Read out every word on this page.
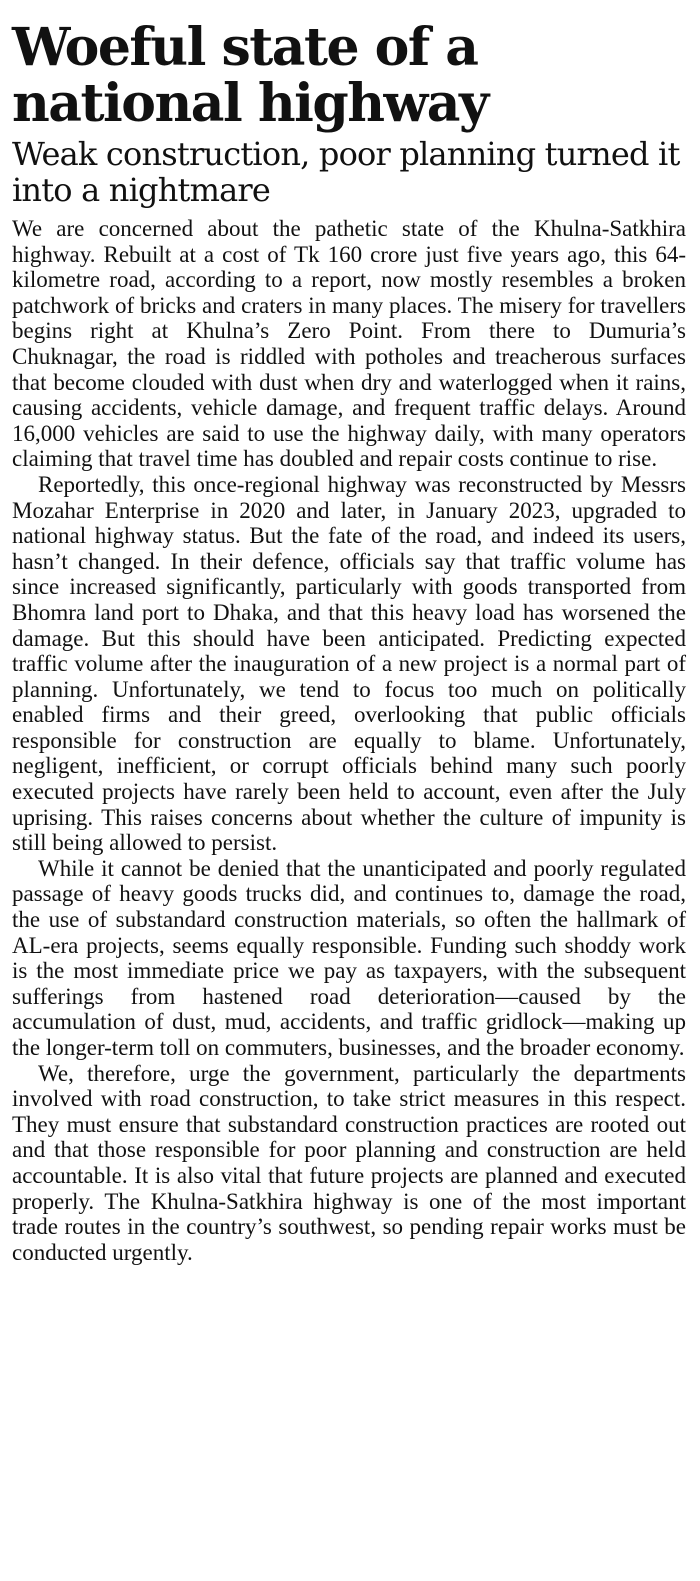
Woeful state of a national highway
Weak construction, poor planning turned it into a nightmare

We are concerned about the pathetic state of the Khulna-Satkhira highway. Rebuilt at a cost of Tk 160 crore just five years ago, this 64-kilometre road, according to a report, now mostly resembles a broken patchwork of bricks and craters in many places. The misery for travellers begins right at Khulna’s Zero Point. From there to Dumuria’s Chuknagar, the road is riddled with potholes and treacherous surfaces that become clouded with dust when dry and waterlogged when it rains, causing accidents, vehicle damage, and frequent traffic delays. Around 16,000 vehicles are said to use the highway daily, with many operators claiming that travel time has doubled and repair costs continue to rise.

Reportedly, this once-regional highway was reconstructed by Messrs Mozahar Enterprise in 2020 and later, in January 2023, upgraded to national highway status. But the fate of the road, and indeed its users, hasn’t changed. In their defence, officials say that traffic volume has since increased significantly, particularly with goods transported from Bhomra land port to Dhaka, and that this heavy load has worsened the damage. But this should have been anticipated. Predicting expected traffic volume after the inauguration of a new project is a normal part of planning. Unfortunately, we tend to focus too much on politically enabled firms and their greed, overlooking that public officials responsible for construction are equally to blame. Unfortunately, negligent, inefficient, or corrupt officials behind many such poorly executed projects have rarely been held to account, even after the July uprising. This raises concerns about whether the culture of impunity is still being allowed to persist.

While it cannot be denied that the unanticipated and poorly regulated passage of heavy goods trucks did, and continues to, damage the road, the use of substandard construction materials, so often the hallmark of AL-era projects, seems equally responsible. Funding such shoddy work is the most immediate price we pay as taxpayers, with the subsequent sufferings from hastened road deterioration—caused by the accumulation of dust, mud, accidents, and traffic gridlock—making up the longer-term toll on commuters, businesses, and the broader economy.

We, therefore, urge the government, particularly the departments involved with road construction, to take strict measures in this respect. They must ensure that substandard construction practices are rooted out and that those responsible for poor planning and construction are held accountable. It is also vital that future projects are planned and executed properly. The Khulna-Satkhira highway is one of the most important trade routes in the country’s southwest, so pending repair works must be conducted urgently.
